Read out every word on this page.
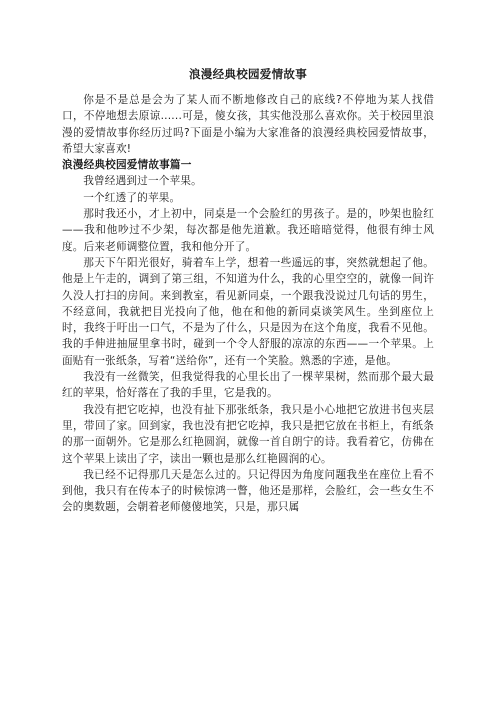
浪漫经典校园爱情故事

你是不是总是会为了某人而不断地修改自己的底线?不停地为某人找借口，不停地想去原谅......可是，傻女孩，其实他没那么喜欢你。关于校园里浪漫的爱情故事你经历过吗?下面是小编为大家准备的浪漫经典校园爱情故事，希望大家喜欢!

浪漫经典校园爱情故事篇一

我曾经遇到过一个苹果。

一个红透了的苹果。

那时我还小，才上初中，同桌是一个会脸红的男孩子。是的，吵架也脸红——我和他吵过不少架，每次都是他先道歉。我还暗暗觉得，他很有绅士风度。后来老师调整位置，我和他分开了。

那天下午阳光很好，骑着车上学，想着一些遥远的事，突然就想起了他。他是上午走的，调到了第三组，不知道为什么，我的心里空空的，就像一间许久没人打扫的房间。来到教室，看见新同桌，一个跟我没说过几句话的男生，不经意间，我就把目光投向了他，他在和他的新同桌谈笑风生。坐到座位上时，我终于吁出一口气，不是为了什么，只是因为在这个角度，我看不见他。我的手伸进抽屉里拿书时，碰到一个令人舒服的凉凉的东西——一个苹果。上面贴有一张纸条，写着“送给你”，还有一个笑脸。熟悉的字迹，是他。

我没有一丝微笑，但我觉得我的心里长出了一棵苹果树，然而那个最大最红的苹果，恰好落在了我的手里，它是我的。

我没有把它吃掉，也没有扯下那张纸条，我只是小心地把它放进书包夹层里，带回了家。回到家，我也没有把它吃掉，我只是把它放在书柜上，有纸条的那一面朝外。它是那么红艳圆润，就像一首自朗宁的诗。我看着它，仿佛在这个苹果上读出了字，读出一颗也是那么红艳圆润的心。

我已经不记得那几天是怎么过的。只记得因为角度问题我坐在座位上看不到他，我只有在传本子的时候惊鸿一瞥，他还是那样，会脸红，会一些女生不会的奥数题，会朝着老师傻傻地笑，只是，那只属
